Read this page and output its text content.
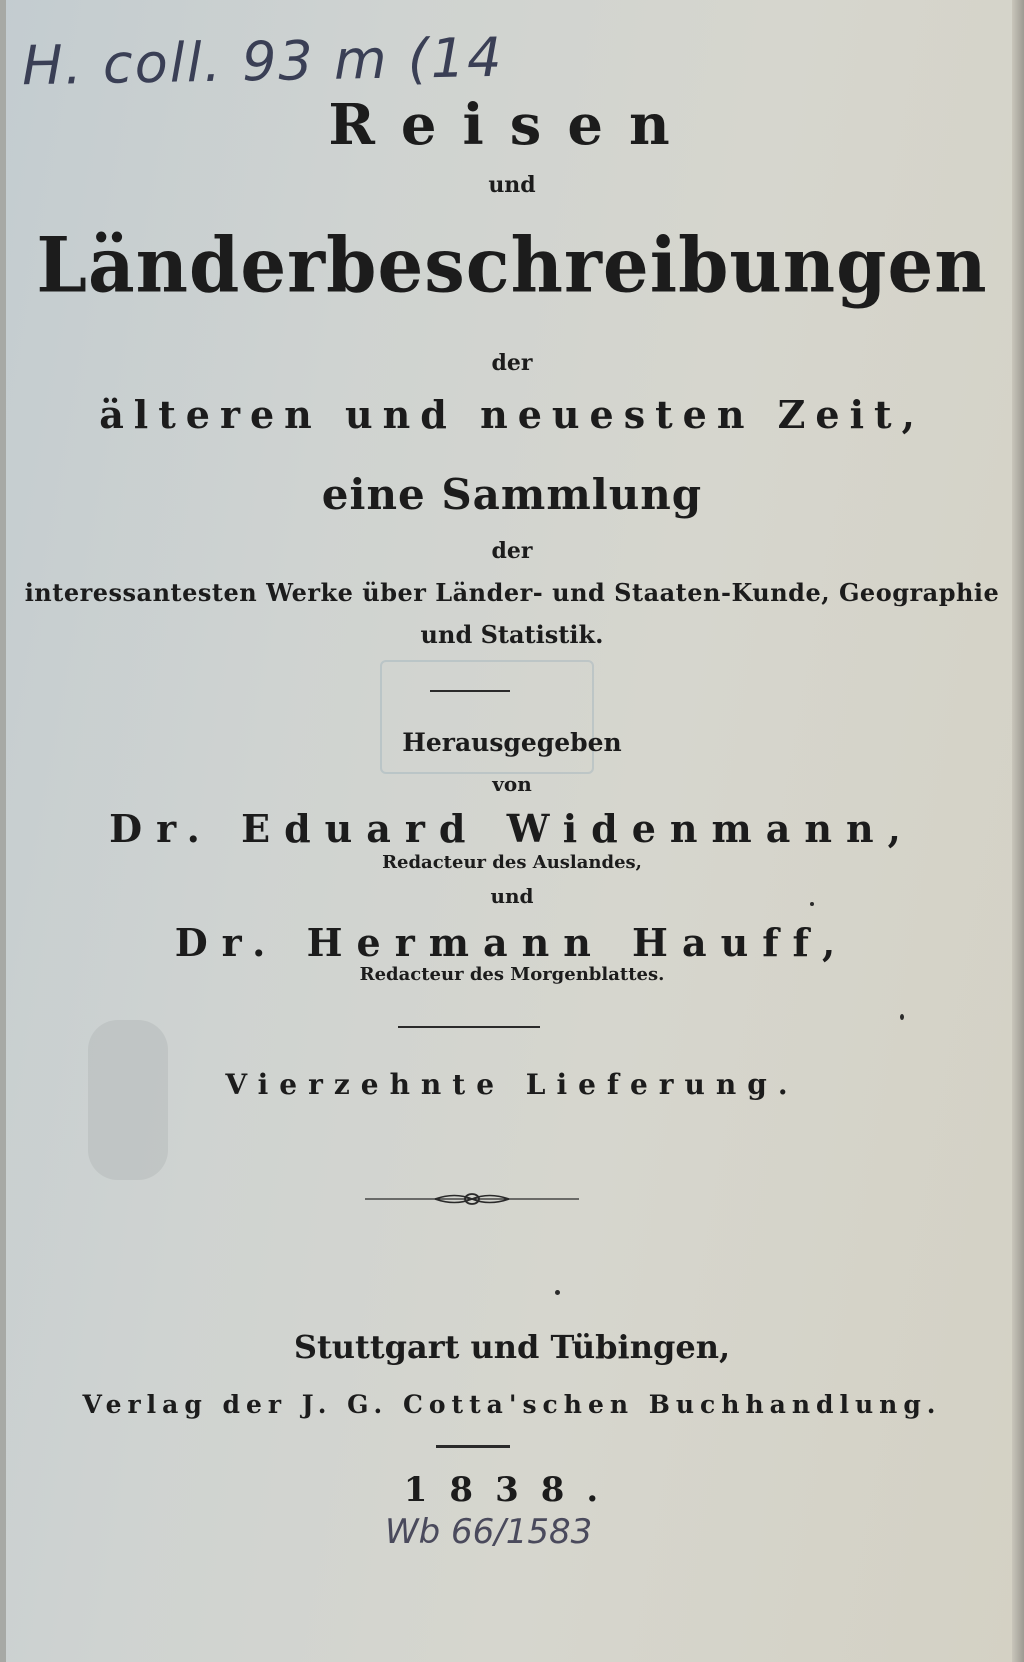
H. coll. 93 m (14
Reisen
und
Länderbeschreibungen
der
älteren und neuesten Zeit,
eine Sammlung
der
interessantesten Werke über Länder- und Staaten-Kunde, Geographie
und Statistik.
Herausgegeben
von
Dr. Eduard Widenmann,
Redacteur des Auslandes,
und
Dr. Hermann Hauff,
Redacteur des Morgenblattes.
Vierzehnte Lieferung.
Stuttgart und Tübingen,
Verlag der J. G. Cotta'schen Buchhandlung.
1838.
Wb 66/1583
